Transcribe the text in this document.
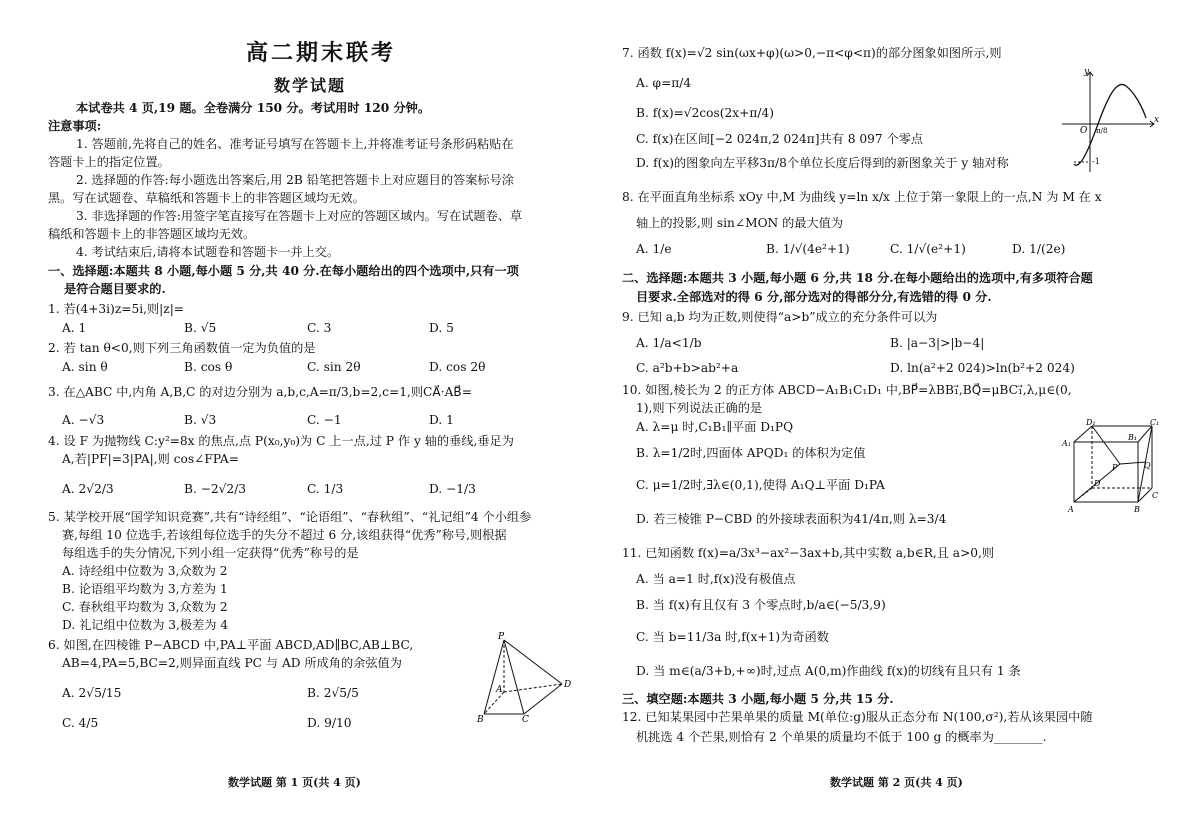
高二期末联考
数学试题
本试卷共 4 页,19 题。全卷满分 150 分。考试用时 120 分钟。
注意事项:
1. 答题前,先将自己的姓名、准考证号填写在答题卡上,并将准考证号条形码粘贴在
答题卡上的指定位置。
2. 选择题的作答:每小题选出答案后,用 2B 铅笔把答题卡上对应题目的答案标号涂
黑。写在试题卷、草稿纸和答题卡上的非答题区域均无效。
3. 非选择题的作答:用签字笔直接写在答题卡上对应的答题区域内。写在试题卷、草
稿纸和答题卡上的非答题区域均无效。
4. 考试结束后,请将本试题卷和答题卡一并上交。
一、选择题:本题共 8 小题,每小题 5 分,共 40 分.在每小题给出的四个选项中,只有一项
是符合题目要求的.
1. 若(4+3i)z=5i,则|z|=
A. 1	B. √5	C. 3	D. 5
2. 若 tan θ<0,则下列三角函数值一定为负值的是
A. sin θ	B. cos θ	C. sin 2θ	D. cos 2θ
3. 在△ABC 中,内角 A,B,C 的对边分别为 a,b,c,A=π/3,b=2,c=1,则CA⃗·AB⃗=
A. −√3	B. √3	C. −1	D. 1
4. 设 F 为抛物线 C:y²=8x 的焦点,点 P(x₀,y₀)为 C 上一点,过 P 作 y 轴的垂线,垂足为
A,若|PF|=3|PA|,则 cos∠FPA=
A. 2√2/3	B. −2√2/3	C. 1/3	D. −1/3
5. 某学校开展“国学知识竞赛”,共有“诗经组”、“论语组”、“春秋组”、“礼记组”4 个小组参
赛,每组 10 位选手,若该组每位选手的失分不超过 6 分,该组获得“优秀”称号,则根据
每组选手的失分情况,下列小组一定获得“优秀”称号的是
A. 诗经组中位数为 3,众数为 2
B. 论语组平均数为 3,方差为 1
C. 春秋组平均数为 3,众数为 2
D. 礼记组中位数为 3,极差为 4
6. 如图,在四棱锥 P−ABCD 中,PA⊥平面 ABCD,AD∥BC,AB⊥BC,
AB=4,PA=5,BC=2,则异面直线 PC 与 AD 所成角的余弦值为
A. 2√5/15	B. 2√5/5
C. 4/5	D. 9/10
P
A
B	C
D
数学试题 第 1 页(共 4 页)
7. 函数 f(x)=√2 sin(ωx+φ)(ω>0,−π<φ<π)的部分图象如图所示,则
A. φ=π/4
B. f(x)=√2cos(2x+π/4)
C. f(x)在区间[−2 024π,2 024π]共有 8 097 个零点
D. f(x)的图象向左平移3π/8个单位长度后得到的新图象关于 y 轴对称
y
x
O π/8
-1
8. 在平面直角坐标系 xOy 中,M 为曲线 y=ln x/x 上位于第一象限上的一点,N 为 M 在 x
轴上的投影,则 sin∠MON 的最大值为
A. 1/e	B. 1/√(4e²+1)	C. 1/√(e²+1)	D. 1/(2e)
二、选择题:本题共 3 小题,每小题 6 分,共 18 分.在每小题给出的选项中,有多项符合题
目要求.全部选对的得 6 分,部分选对的得部分分,有选错的得 0 分.
9. 已知 a,b 均为正数,则使得“a>b”成立的充分条件可以为
A. 1/a<1/b	B. |a−3|>|b−4|
C. a²b+b>ab²+a	D. ln(a²+2 024)>ln(b²+2 024)
10. 如图,棱长为 2 的正方体 ABCD−A₁B₁C₁D₁ 中,BP⃗=λBB₁⃗,BQ⃗=μBC₁⃗,λ,μ∈(0,
1),则下列说法正确的是
A. λ=μ 时,C₁B₁∥平面 D₁PQ
B. λ=1/2时,四面体 APQD₁ 的体积为定值
C. μ=1/2时,∃λ∈(0,1),使得 A₁Q⊥平面 D₁PA
D. 若三棱锥 P−CBD 的外接球表面积为41/4π,则 λ=3/4
D₁	C₁
A₁
B₁
Q
P
D
C
A	B
11. 已知函数 f(x)=a/3x³−ax²−3ax+b,其中实数 a,b∈R,且 a>0,则
A. 当 a=1 时,f(x)没有极值点
B. 当 f(x)有且仅有 3 个零点时,b/a∈(−5/3,9)
C. 当 b=11/3a 时,f(x+1)为奇函数
D. 当 m∈(a/3+b,+∞)时,过点 A(0,m)作曲线 f(x)的切线有且只有 1 条
三、填空题:本题共 3 小题,每小题 5 分,共 15 分.
12. 已知某果园中芒果单果的质量 M(单位:g)服从正态分布 N(100,σ²),若从该果园中随
机挑选 4 个芒果,则恰有 2 个单果的质量均不低于 100 g 的概率为________.
数学试题 第 2 页(共 4 页)
